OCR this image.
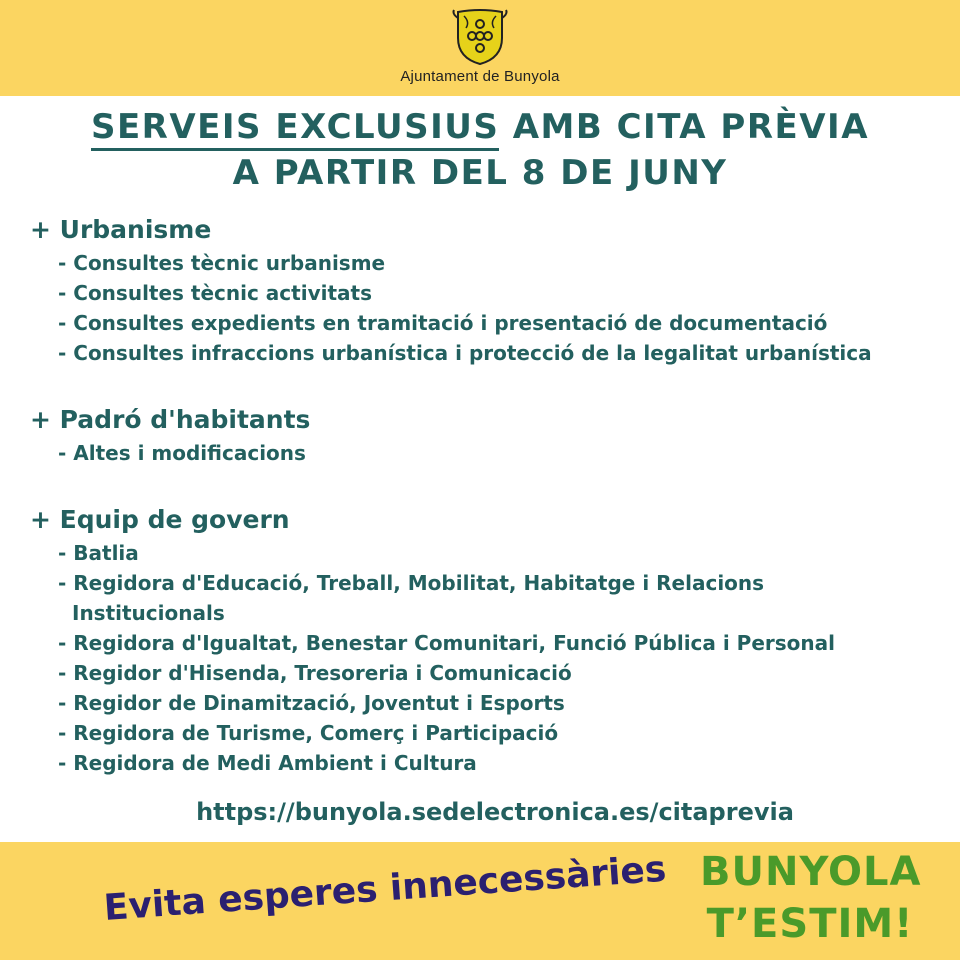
Ajuntament de Bunyola
SERVEIS EXCLUSIUS AMB CITA PRÈVIA
A PARTIR DEL 8 DE JUNY
+ Urbanisme
- Consultes tècnic urbanisme
- Consultes tècnic activitats
- Consultes expedients en tramitació i presentació de documentació
- Consultes infraccions urbanística i protecció de la legalitat urbanística
+ Padró d'habitants
- Altes i modificacions
+ Equip de govern
- Batlia
- Regidora d'Educació, Treball, Mobilitat, Habitatge i Relacions
Institucionals
- Regidora d'Igualtat, Benestar Comunitari, Funció Pública i Personal
- Regidor d'Hisenda, Tresoreria i Comunicació
- Regidor de Dinamització, Joventut i Esports
- Regidora de Turisme, Comerç i Participació
- Regidora de Medi Ambient i Cultura
https://bunyola.sedelectronica.es/citaprevia
Evita esperes innecessàries BUNYOLA
T’ESTIM!
